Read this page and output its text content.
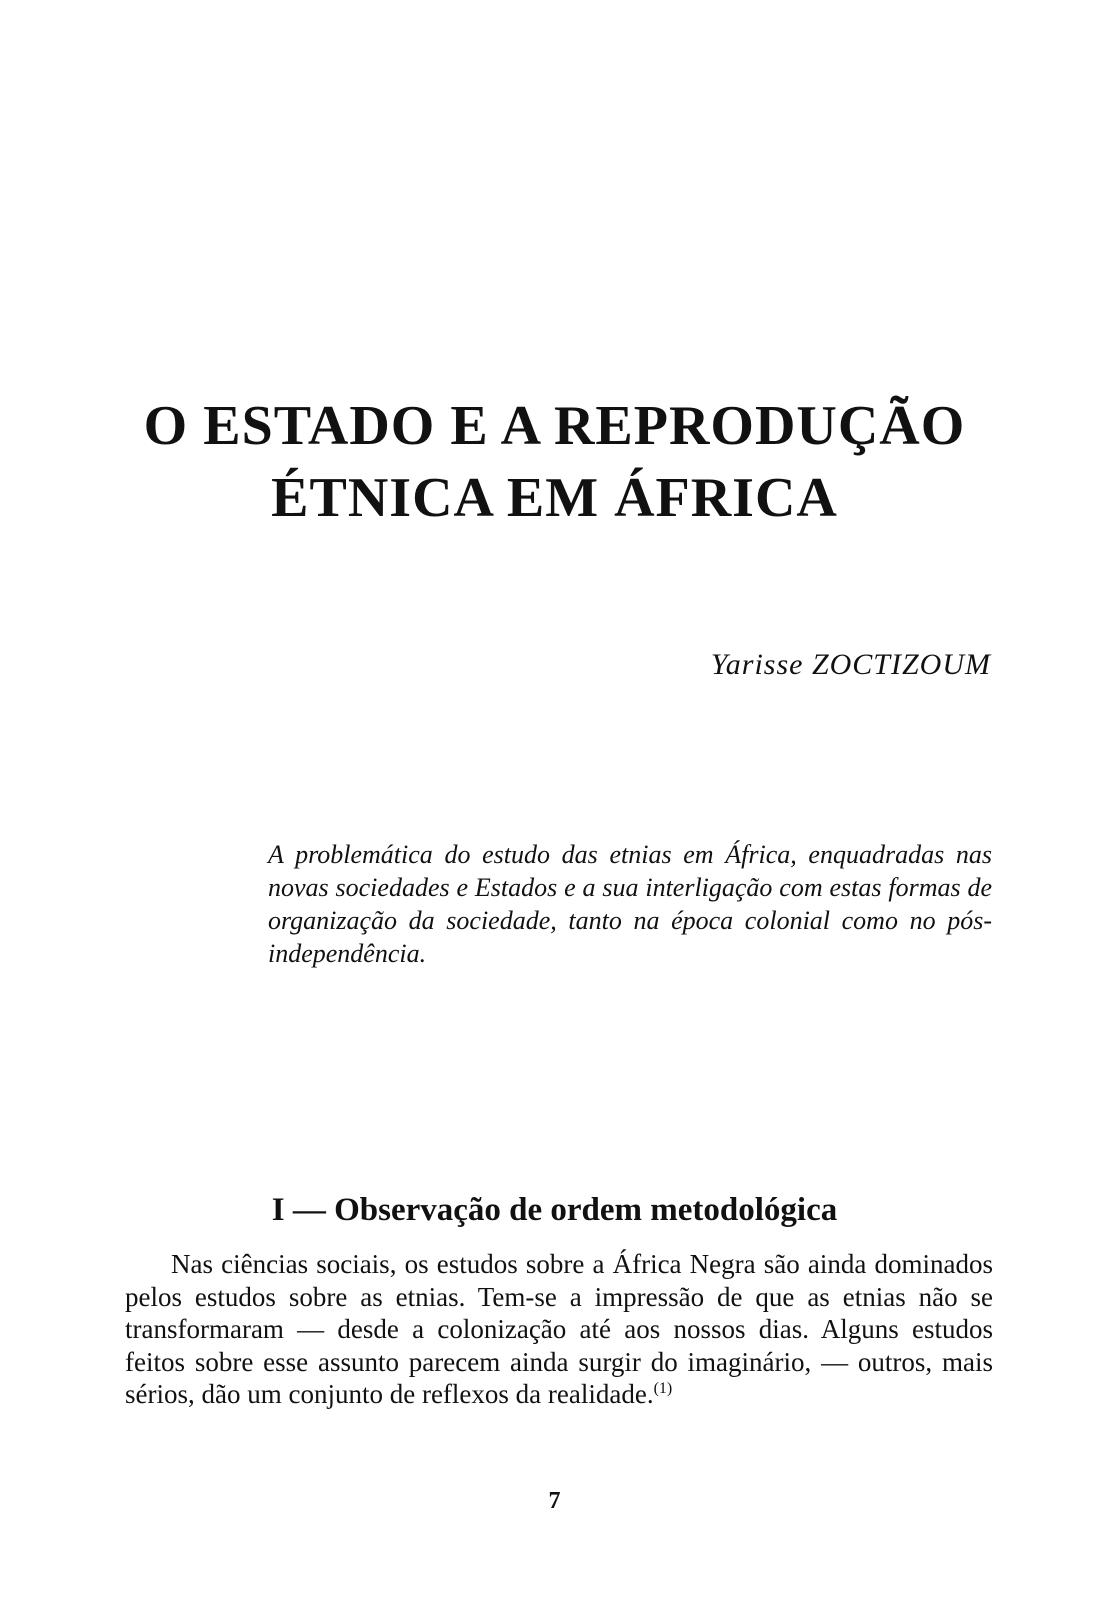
O ESTADO E A REPRODUÇÃO
ÉTNICA EM ÁFRICA
Yarisse ZOCTIZOUM

A problemática do estudo das etnias em África, enquadradas nas novas sociedades e Estados e a sua interligação com estas formas de organização da sociedade, tanto na época colonial como no pós-independência.

I — Observação de ordem metodológica

Nas ciências sociais, os estudos sobre a África Negra são ainda dominados pelos estudos sobre as etnias. Tem-se a impressão de que as etnias não se transformaram — desde a colonização até aos nossos dias. Alguns estudos feitos sobre esse assunto parecem ainda surgir do imaginário, — outros, mais sérios, dão um conjunto de reflexos da realidade.$^{(1)}$

7
